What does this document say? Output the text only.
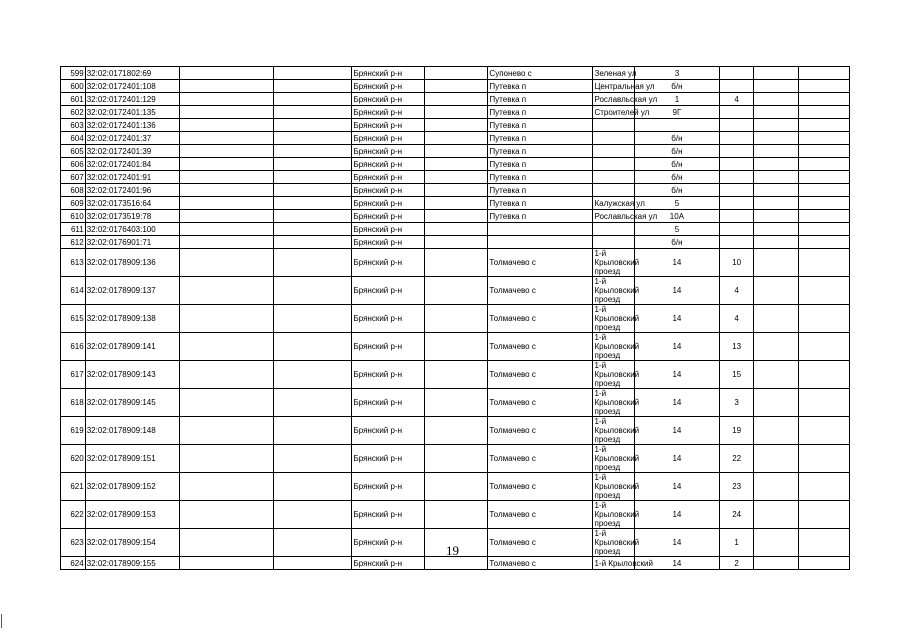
599	32:02:0171802:69			Брянский р-н		Супонево с	Зеленая ул	3			
600	32:02:0172401:108			Брянский р-н		Путевка п	Центральная ул	б/н			
601	32:02:0172401:129			Брянский р-н		Путевка п	Рославльская ул	1	4		
602	32:02:0172401:135			Брянский р-н		Путевка п	Строителей ул	9Г			
603	32:02:0172401:136			Брянский р-н		Путевка п					
604	32:02:0172401:37			Брянский р-н		Путевка п		б/н			
605	32:02:0172401:39			Брянский р-н		Путевка п		б/н			
606	32:02:0172401:84			Брянский р-н		Путевка п		б/н			
607	32:02:0172401:91			Брянский р-н		Путевка п		б/н			
608	32:02:0172401:96			Брянский р-н		Путевка п		б/н			
609	32:02:0173516:64			Брянский р-н		Путевка п	Калужская ул	5			
610	32:02:0173519:78			Брянский р-н		Путевка п	Рославльская ул	10А			
611	32:02:0176403:100			Брянский р-н				5			
612	32:02:0176901:71			Брянский р-н				б/н			
613	32:02:0178909:136			Брянский р-н		Толмачево с	1-й Крыловский проезд	14	10		
614	32:02:0178909:137			Брянский р-н		Толмачево с	1-й Крыловский проезд	14	4		
615	32:02:0178909:138			Брянский р-н		Толмачево с	1-й Крыловский проезд	14	4		
616	32:02:0178909:141			Брянский р-н		Толмачево с	1-й Крыловский проезд	14	13		
617	32:02:0178909:143			Брянский р-н		Толмачево с	1-й Крыловский проезд	14	15		
618	32:02:0178909:145			Брянский р-н		Толмачево с	1-й Крыловский проезд	14	3		
619	32:02:0178909:148			Брянский р-н		Толмачево с	1-й Крыловский проезд	14	19		
620	32:02:0178909:151			Брянский р-н		Толмачево с	1-й Крыловский проезд	14	22		
621	32:02:0178909:152			Брянский р-н		Толмачево с	1-й Крыловский проезд	14	23		
622	32:02:0178909:153			Брянский р-н		Толмачево с	1-й Крыловский проезд	14	24		
623	32:02:0178909:154			Брянский р-н		Толмачево с	1-й Крыловский проезд	14	1		
624	32:02:0178909:155			Брянский р-н		Толмачево с	1-й Крыловский	14	2		
19
